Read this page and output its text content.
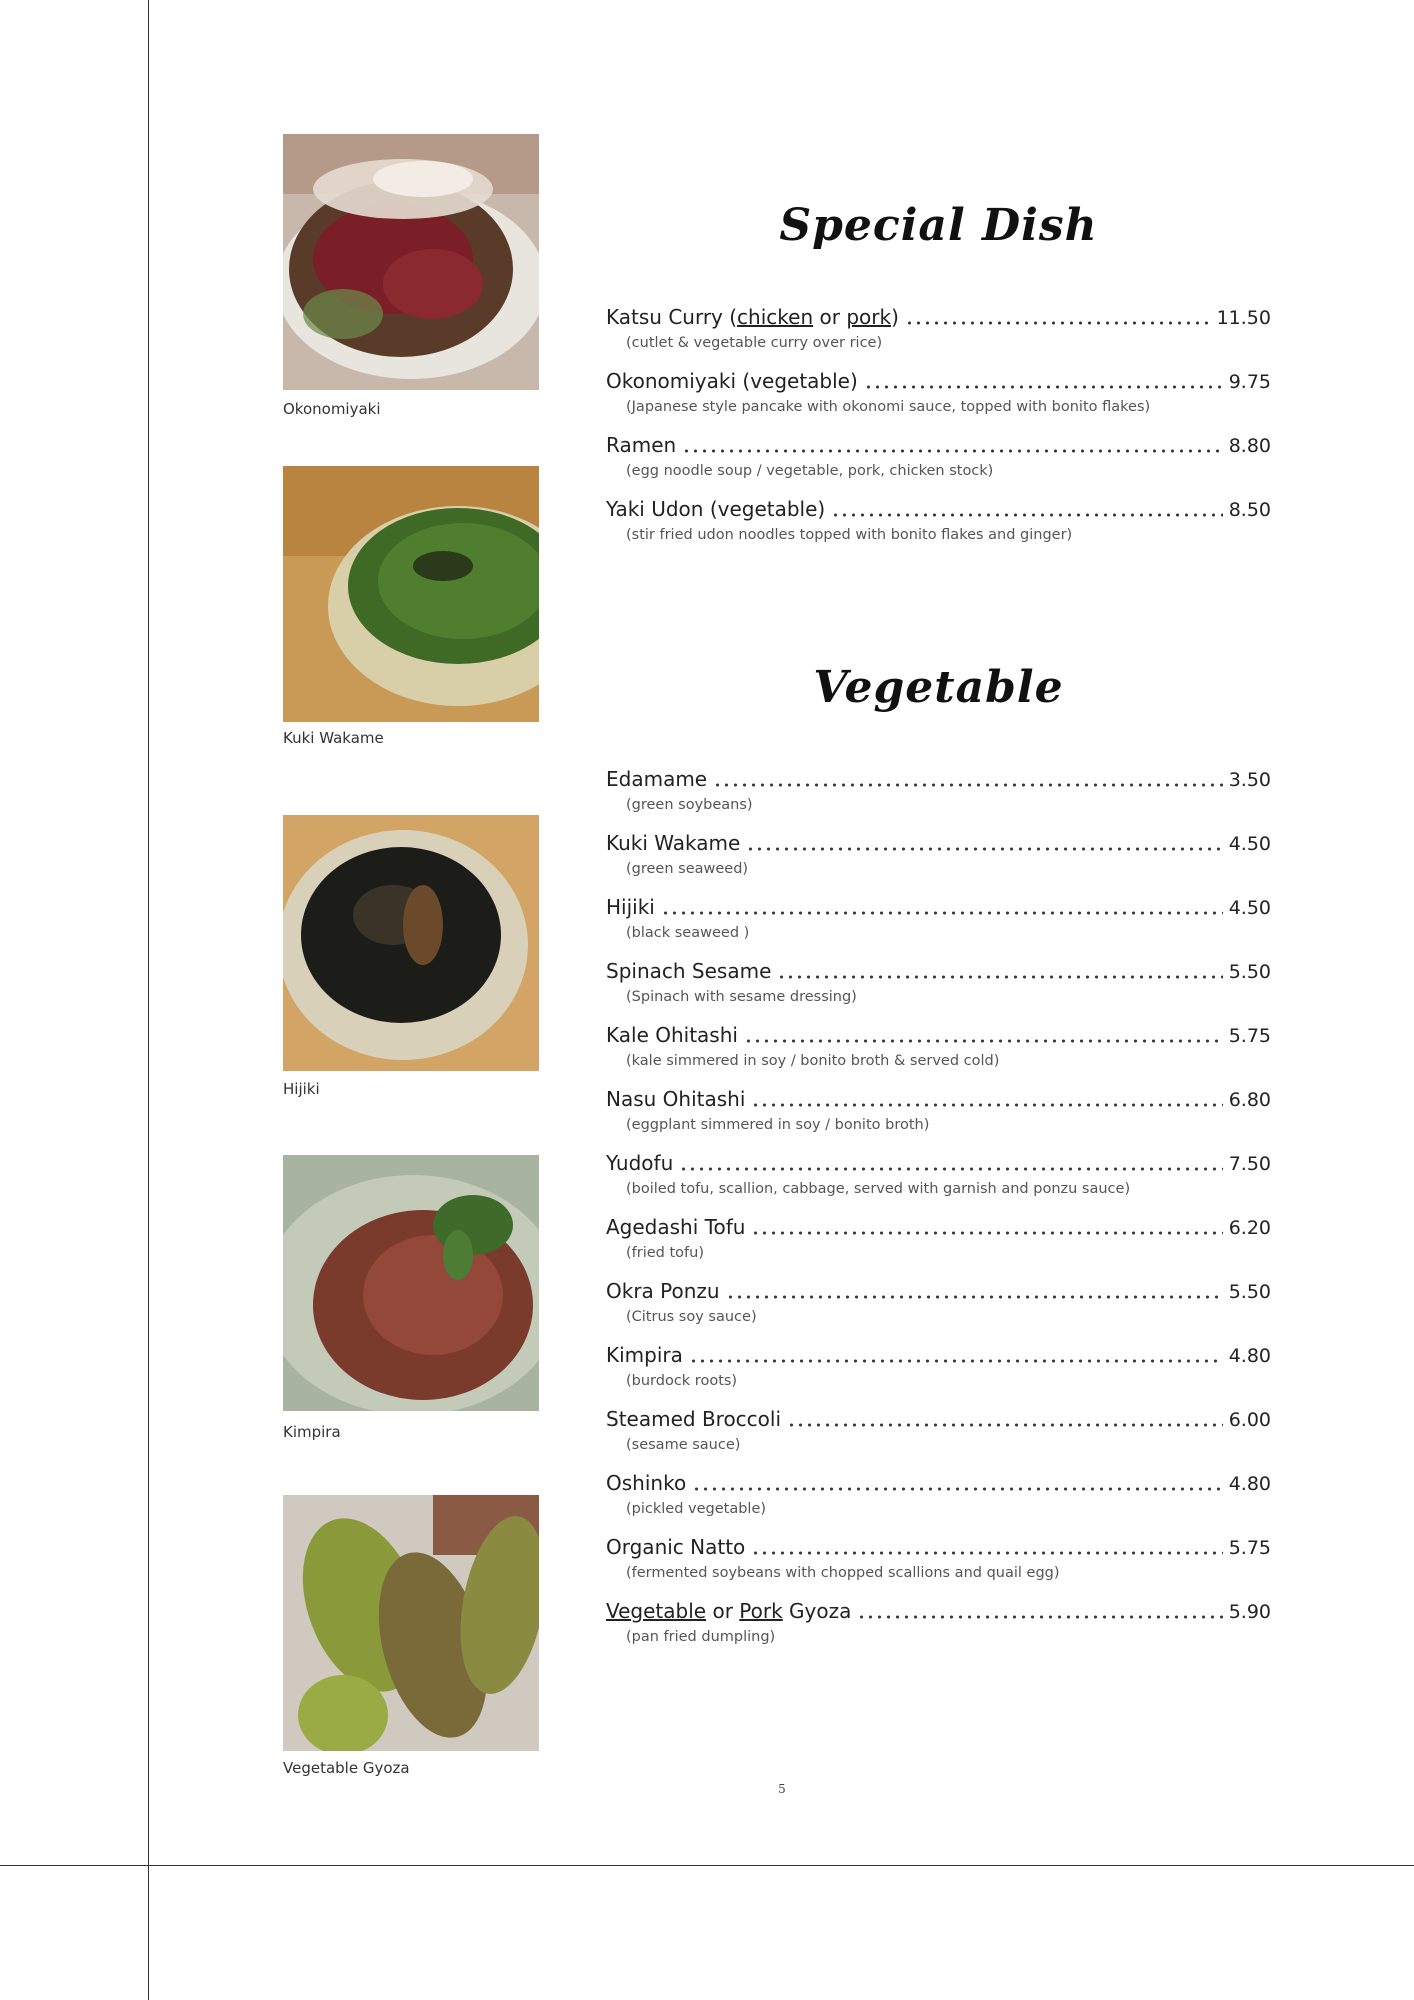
Okonomiyaki
Kuki Wakame
Hijiki
Kimpira
Vegetable Gyoza
Special Dish
Katsu Curry (chicken or pork)	11.50
(cutlet & vegetable curry over rice)
Okonomiyaki (vegetable)	9.75
(Japanese style pancake with okonomi sauce, topped with bonito flakes)
Ramen	8.80
(egg noodle soup / vegetable, pork, chicken stock)
Yaki Udon (vegetable)	8.50
(stir fried udon noodles topped with bonito flakes and ginger)
Vegetable
Edamame	3.50
(green soybeans)
Kuki Wakame	4.50
(green seaweed)
Hijiki	4.50
(black seaweed )
Spinach Sesame	5.50
(Spinach with sesame dressing)
Kale Ohitashi	5.75
(kale simmered in soy / bonito broth & served cold)
Nasu Ohitashi	6.80
(eggplant simmered in soy / bonito broth)
Yudofu	7.50
(boiled tofu, scallion, cabbage, served with garnish and ponzu sauce)
Agedashi Tofu	6.20
(fried tofu)
Okra Ponzu	5.50
(Citrus soy sauce)
Kimpira	4.80
(burdock roots)
Steamed Broccoli	6.00
(sesame sauce)
Oshinko	4.80
(pickled vegetable)
Organic Natto	5.75
(fermented soybeans with chopped scallions and quail egg)
Vegetable or Pork Gyoza	5.90
(pan fried dumpling)
5
